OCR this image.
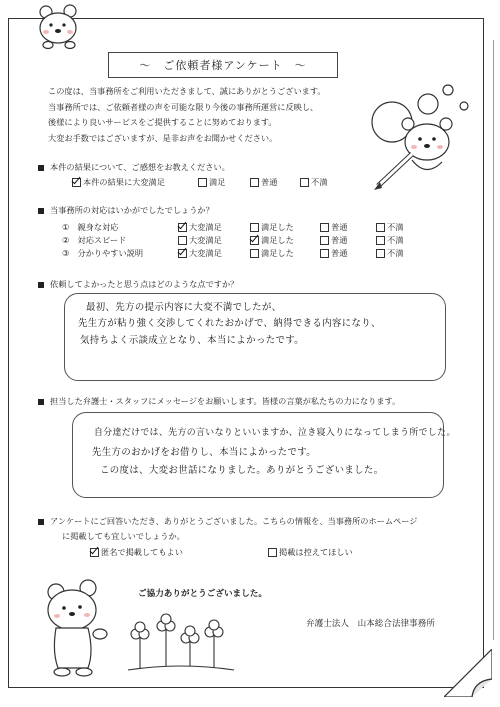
～　ご依頼者様アンケート　～
この度は、当事務所をご利用いただきまして、誠にありがとうございます。
当事務所では、ご依頼者様の声を可能な限り今後の事務所運営に反映し、
後様により良いサービスをご提供することに努めております。
大変お手数ではございますが、是非お声をお聞かせください。
本件の結果について、ご感想をお教えください。
本件の結果に大変満足	満足	普通	不満
当事務所の対応はいかがでしたでしょうか？
①　親身な対応	大変満足	満足した	普通	不満
②　対応スピード	大変満足	満足した	普通	不満
③　分かりやすい説明	大変満足	満足した	普通	不満
依頼してよかったと思う点はどのような点ですか？
最初、先方の提示内容に大変不満でしたが、
先生方が粘り強く交渉してくれたおかげで、納得できる内容になり、
気持ちよく示談成立となり、本当によかったです。
担当した弁護士・スタッフにメッセージをお願いします。皆様の言葉が私たちの力になります。
自分達だけでは、先方の言いなりといいますか、泣き寝入りになってしまう所でした。
先生方のおかげをお借りし、本当によかったです。
この度は、大変お世話になりました。ありがとうございました。
アンケートにご回答いただき、ありがとうございました。こちらの情報を、当事務所のホームページ
に掲載しても宜しいでしょうか。
匿名で掲載してもよい	掲載は控えてほしい
ご協力ありがとうございました。
弁護士法人　山本総合法律事務所
